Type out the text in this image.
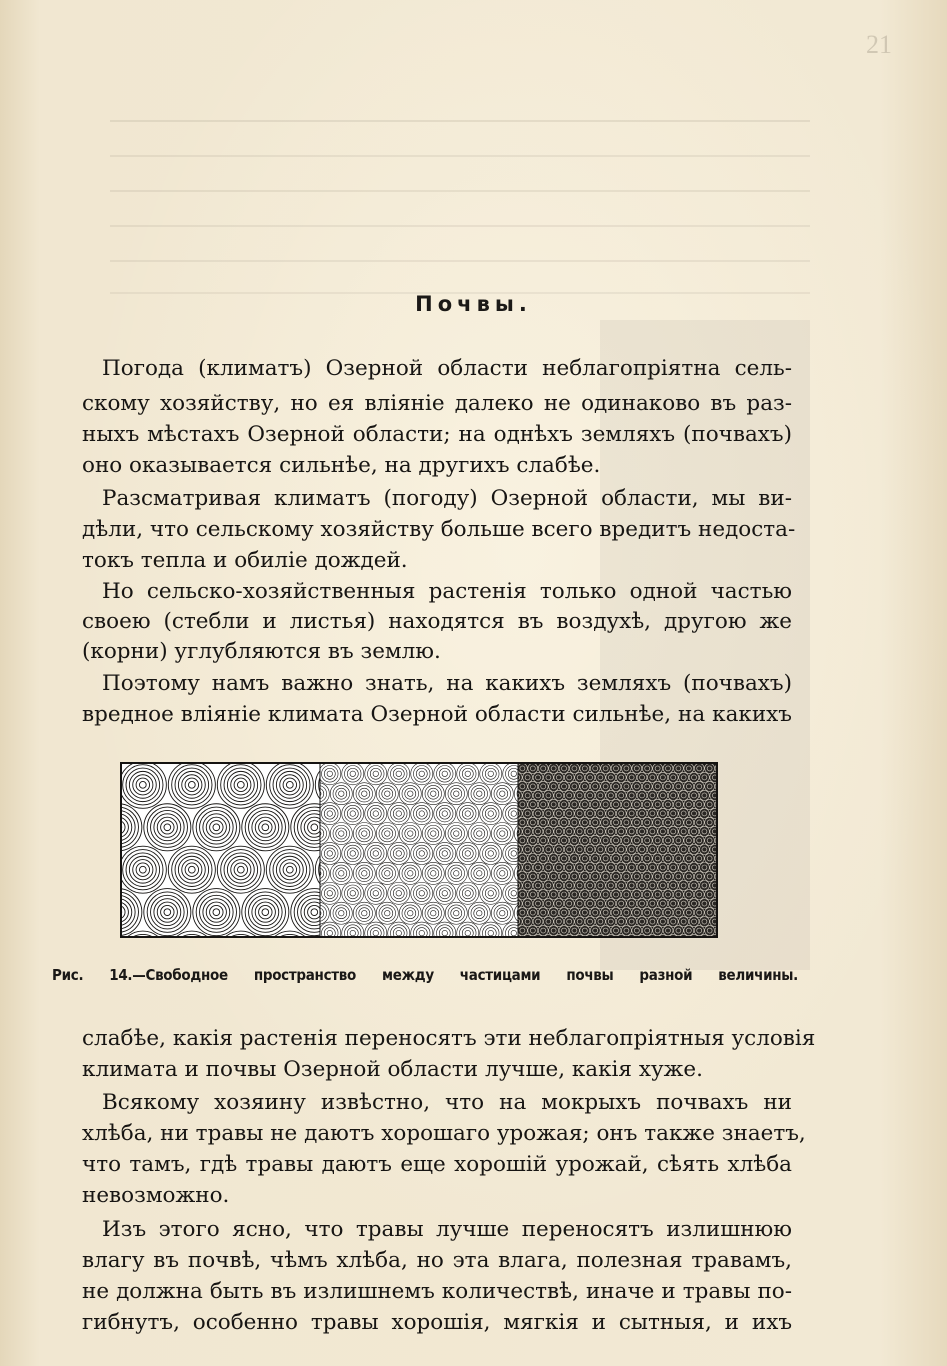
21
Почвы.
Погода (климатъ) Озерной области неблагопріятна сель-
скому хозяйству, но ея вліяніе далеко не одинаково въ раз-
ныхъ мѣстахъ Озерной области; на однѣхъ земляхъ (почвахъ)
оно оказывается сильнѣе, на другихъ слабѣе.
Разсматривая климатъ (погоду) Озерной области, мы ви-
дѣли, что сельскому хозяйству больше всего вредитъ недоста-
токъ тепла и обиліе дождей.
Но сельско-хозяйственныя растенія только одной частью
своею (стебли и листья) находятся въ воздухѣ, другою же
(корни) углубляются въ землю.
Поэтому намъ важно знать, на какихъ земляхъ (почвахъ)
вредное вліяніе климата Озерной области сильнѣе, на какихъ
Рис. 14.—Свободное пространство между частицами почвы разной величины.
слабѣе, какія растенія переносятъ эти неблагопріятныя условія
климата и почвы Озерной области лучше, какія хуже.
Всякому хозяину извѣстно, что на мокрыхъ почвахъ ни
хлѣба, ни травы не даютъ хорошаго урожая; онъ также знаетъ,
что тамъ, гдѣ травы даютъ еще хорошій урожай, сѣять хлѣба
невозможно.
Изъ этого ясно, что травы лучше переносятъ излишнюю
влагу въ почвѣ, чѣмъ хлѣба, но эта влага, полезная травамъ,
не должна быть въ излишнемъ количествѣ, иначе и травы по-
гибнутъ, особенно травы хорошія, мягкія и сытныя, и ихъ
